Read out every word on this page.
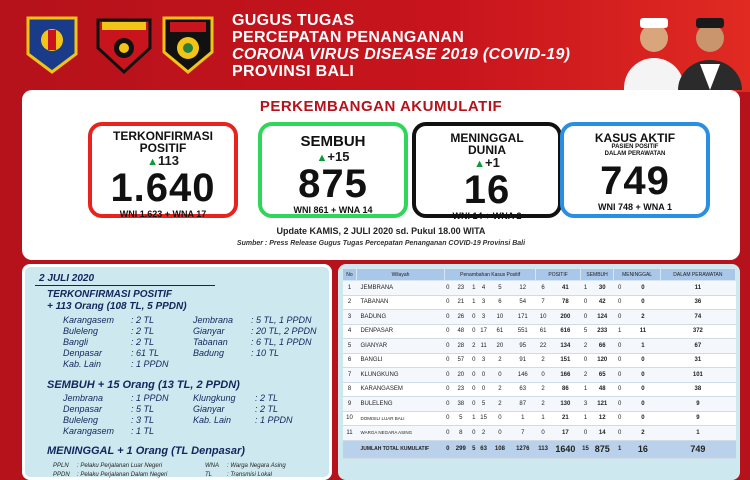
GUGUS TUGAS
PERCEPATAN PENANGANAN
CORONA VIRUS DISEASE 2019 (COVID-19)
PROVINSI BALI
PERKEMBANGAN AKUMULATIF
TERKONFIRMASI
POSITIF
▲113
1.640
WNI 1.623 + WNA 17
SEMBUH
▲+15
875
WNI 861 + WNA 14
MENINGGAL
DUNIA
▲+1
16
WNI 14 + WNA 2
KASUS AKTIF
PASIEN POSITIF DALAM PERAWATAN
749
WNI 748 + WNA 1
Update KAMIS, 2 JULI 2020 sd. Pukul 18.00 WITA
Sumber : Press Release Gugus Tugas Percepatan Penanganan COVID-19 Provinsi Bali
2 JULI 2020
TERKONFIRMASI POSITIF
+ 113 Orang (108 TL, 5 PPDN)
Karangasem : 2 TL	Jembrana : 5 TL, 1 PPDN
Buleleng	: 2 TL	Gianyar	: 20 TL, 2 PPDN
Bangli	: 2 TL	Tabanan	: 6 TL, 1 PPDN
Denpasar	: 61 TL	Badung	: 10 TL
Kab. Lain	: 1 PPDN
SEMBUH + 15 Orang (13 TL, 2 PPDN)
Jembrana	: 1 PPDN	Klungkung : 2 TL
Denpasar	: 5 TL	Gianyar	: 2 TL
Buleleng	: 3 TL	Kab. Lain	: 1 PPDN
Karangasem : 1 TL
MENINGGAL + 1 Orang (TL Denpasar)
PPLN : Pelaku Perjalanan Luar Negeri	WNA : Warga Negara Asing
PPDN : Pelaku Perjalanan Dalam Negeri	TL : Transmisi Lokal
No	Wilayah	Penambahan Kasus Positif						POSITIF		SEMBUH		MENINGGAL		DALAM PERAWATAN
1	JEMBRANA	0	23	1	4	5	12	6	41	1	30	0	0	11
2	TABANAN	0	21	1	3	6	54	7	78	0	42	0	0	36
3	BADUNG	0	26	0	3	10	171	10	200	0	124	0	2	74
4	DENPASAR	0	48	0	17	61	551	61	616	5	233	1	11	372
5	GIANYAR	0	28	2	11	20	95	22	134	2	66	0	1	67
6	BANGLI	0	57	0	3	2	91	2	151	0	120	0	0	31
7	KLUNGKUNG	0	20	0	0	0	146	0	166	2	65	0	0	101
8	KARANGASEM	0	23	0	0	2	63	2	86	1	48	0	0	38
9	BULELENG	0	38	0	5	2	87	2	130	3	121	0	0	9
10	DOMISILI LUAR BALI	0	5	1	15	0	1	1	21	1	12	0	0	9
11	WARGA NEGARA ASING	0	8	0	2	0	7	0	17	0	14	0	2	1
	JUMLAH TOTAL KUMULATIF	0	299	5	63	108	1276	113	1640	15	875	1	16	749
